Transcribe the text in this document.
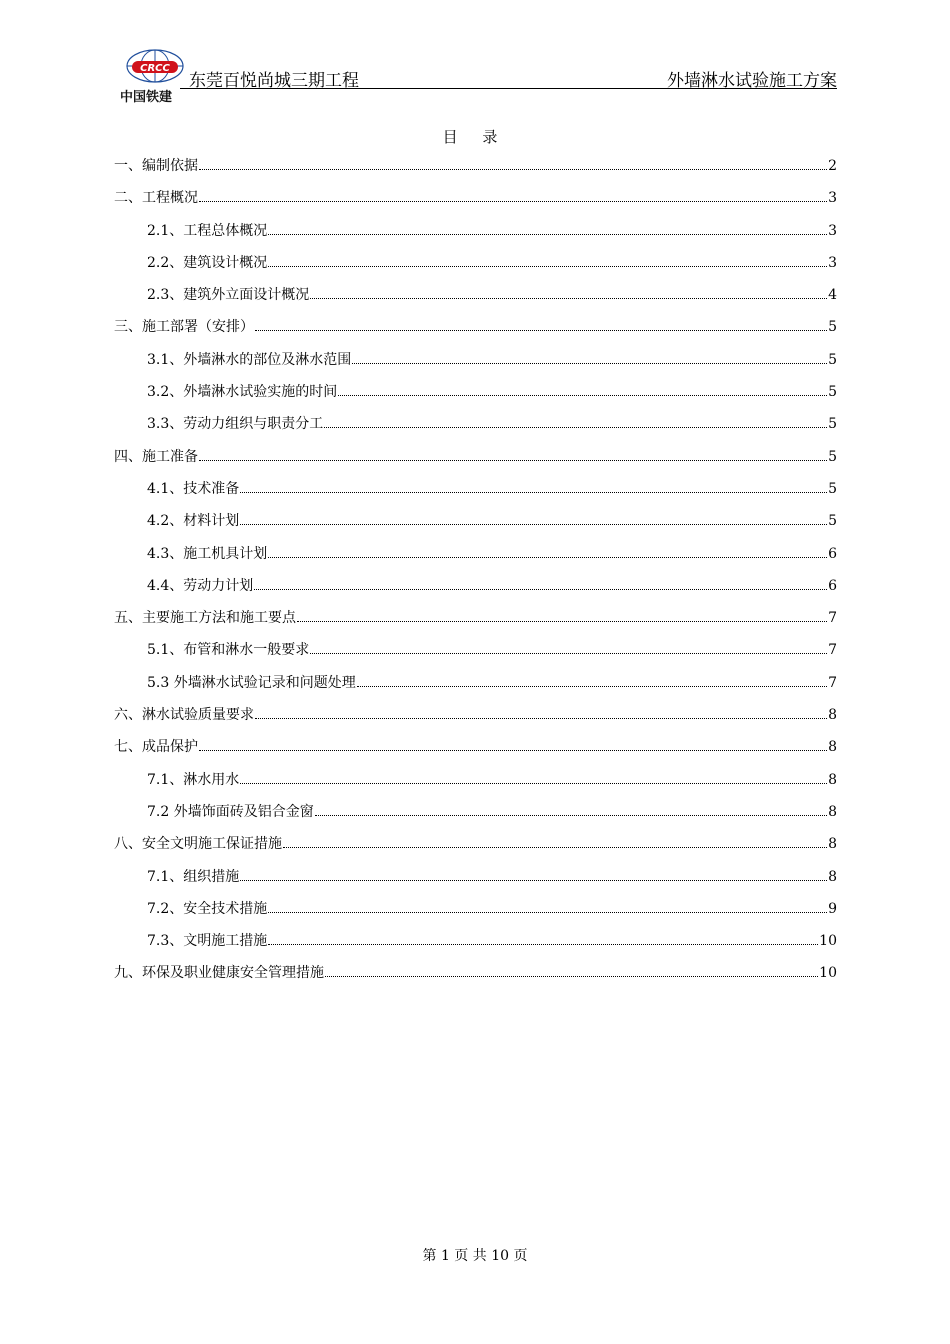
CRCC
中国铁建
东莞百悦尚城三期工程	外墙淋水试验施工方案
目 录
一、编制依据	2
二、工程概况	3
2.1、工程总体概况	3
2.2、建筑设计概况	3
2.3、建筑外立面设计概况	4
三、施工部署（安排）	5
3.1、外墙淋水的部位及淋水范围	5
3.2、外墙淋水试验实施的时间	5
3.3、劳动力组织与职责分工	5
四、施工准备	5
4.1、技术准备	5
4.2、材料计划	5
4.3、施工机具计划	6
4.4、劳动力计划	6
五、主要施工方法和施工要点	7
5.1、布管和淋水一般要求	7
5.3 外墙淋水试验记录和问题处理	7
六、淋水试验质量要求	8
七、成品保护	8
7.1、淋水用水	8
7.2 外墙饰面砖及铝合金窗	8
八、安全文明施工保证措施	8
7.1、组织措施	8
7.2、安全技术措施	9
7.3、文明施工措施	10
九、环保及职业健康安全管理措施	10
第 1 页 共 10 页
